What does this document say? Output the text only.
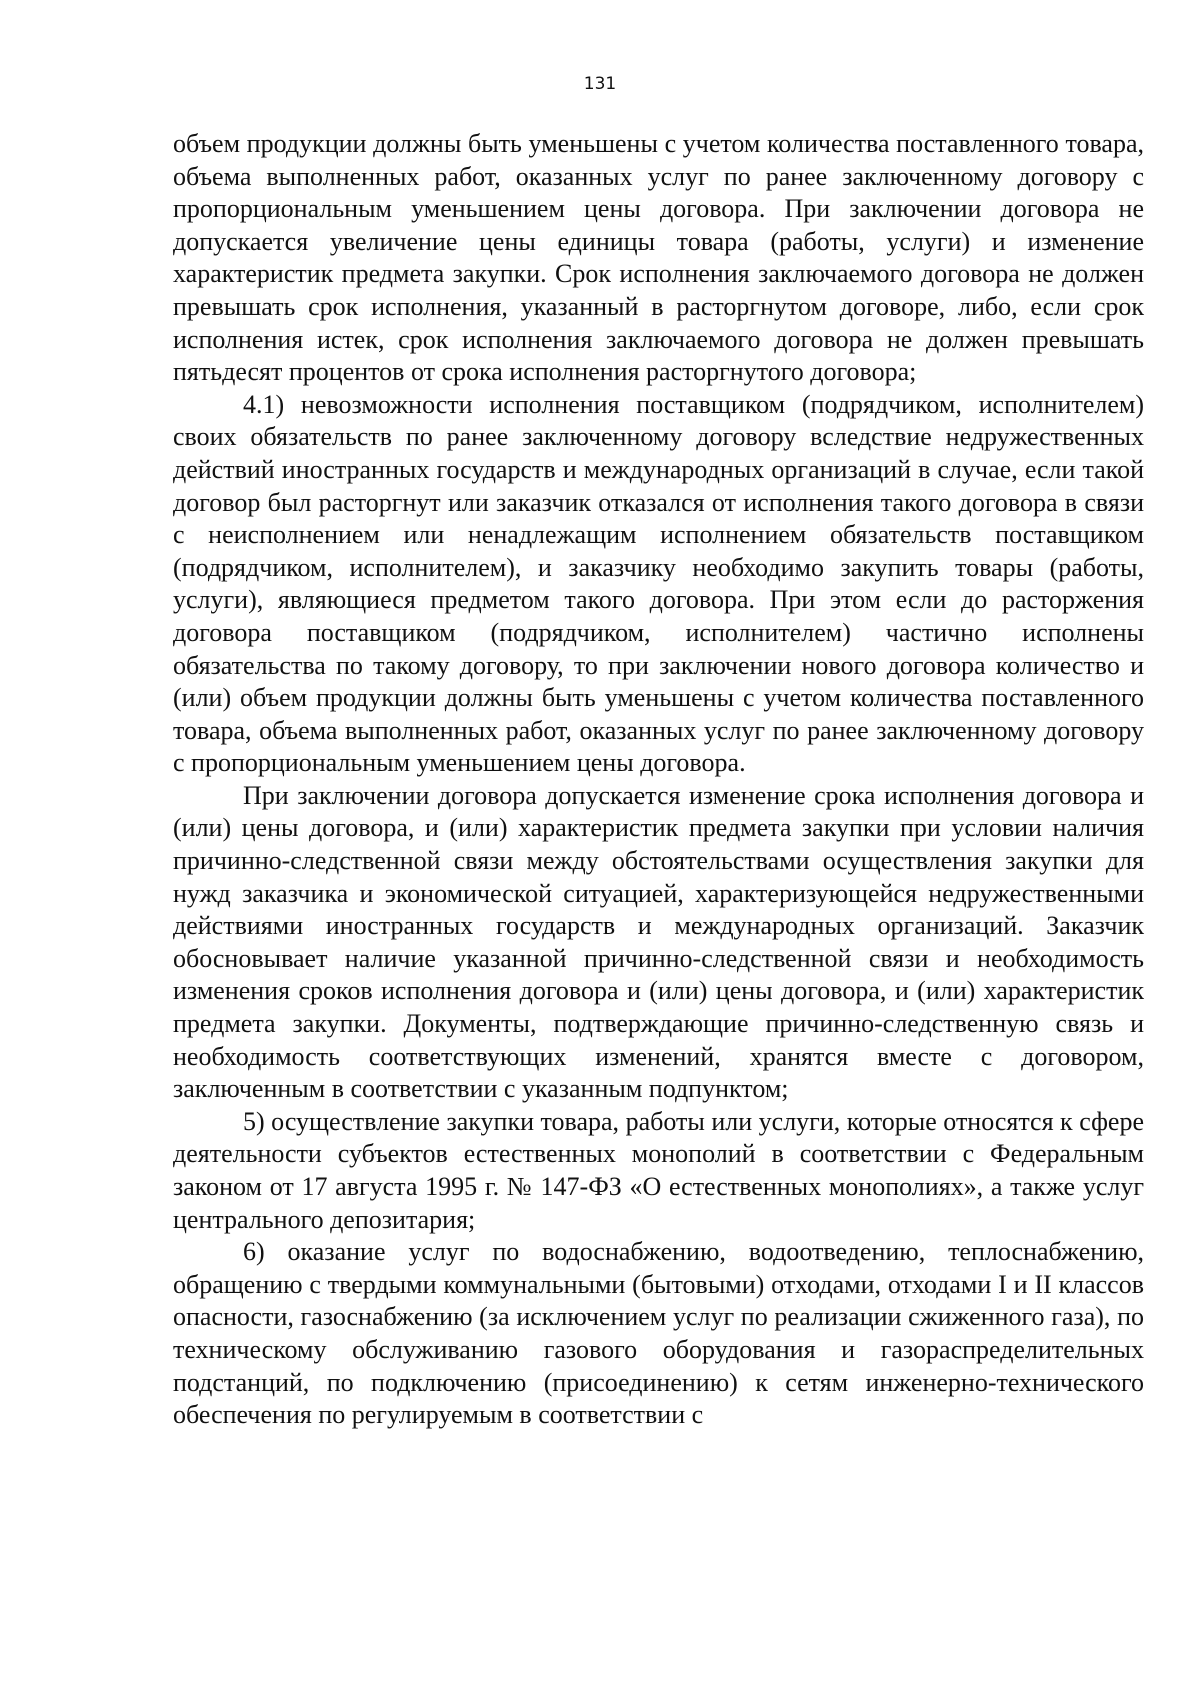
131

объем продукции должны быть уменьшены с учетом количества поставленного товара, объема выполненных работ, оказанных услуг по ранее заключенному договору с пропорциональным уменьшением цены договора. При заключении договора не допускается увеличение цены единицы товара (работы, услуги) и изменение характеристик предмета закупки. Срок исполнения заключаемого договора не должен превышать срок исполнения, указанный в расторгнутом договоре, либо, если срок исполнения истек, срок исполнения заключаемого договора не должен превышать пятьдесят процентов от срока исполнения расторгнутого договора;

4.1) невозможности исполнения поставщиком (подрядчиком, исполнителем) своих обязательств по ранее заключенному договору вследствие недружественных действий иностранных государств и международных организаций в случае, если такой договор был расторгнут или заказчик отказался от исполнения такого договора в связи с неисполнением или ненадлежащим исполнением обязательств поставщиком (подрядчиком, исполнителем), и заказчику необходимо закупить товары (работы, услуги), являющиеся предметом такого договора. При этом если до расторжения договора поставщиком (подрядчиком, исполнителем) частично исполнены обязательства по такому договору, то при заключении нового договора количество и (или) объем продукции должны быть уменьшены с учетом количества поставленного товара, объема выполненных работ, оказанных услуг по ранее заключенному договору с пропорциональным уменьшением цены договора.

При заключении договора допускается изменение срока исполнения договора и (или) цены договора, и (или) характеристик предмета закупки при условии наличия причинно-следственной связи между обстоятельствами осуществления закупки для нужд заказчика и экономической ситуацией, характеризующейся недружественными действиями иностранных государств и международных организаций. Заказчик обосновывает наличие указанной причинно-следственной связи и необходимость изменения сроков исполнения договора и (или) цены договора, и (или) характеристик предмета закупки. Документы, подтверждающие причинно-следственную связь и необходимость соответствующих изменений, хранятся вместе с договором, заключенным в соответствии с указанным подпунктом;

5) осуществление закупки товара, работы или услуги, которые относятся к сфере деятельности субъектов естественных монополий в соответствии с Федеральным законом от 17 августа 1995 г. № 147-ФЗ «О естественных монополиях», а также услуг центрального депозитария;

6) оказание услуг по водоснабжению, водоотведению, теплоснабжению, обращению с твердыми коммунальными (бытовыми) отходами, отходами I и II классов опасности, газоснабжению (за исключением услуг по реализации сжиженного газа), по техническому обслуживанию газового оборудования и газораспределительных подстанций, по подключению (присоединению) к сетям инженерно-технического обеспечения по регулируемым в соответствии с
